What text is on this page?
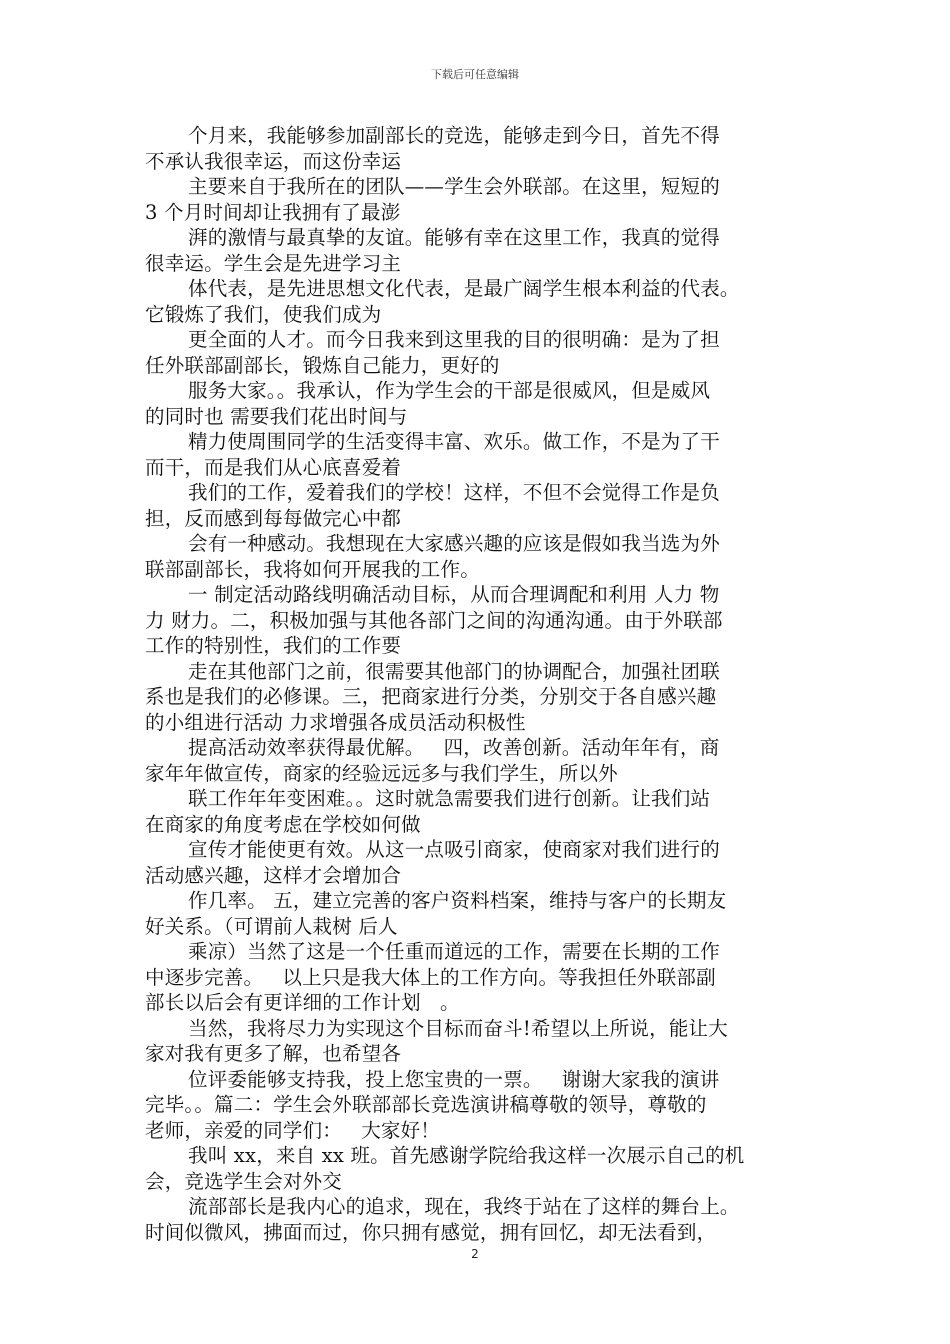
下载后可任意编辑
个月来，我能够参加副部长的竞选，能够走到今日，首先不得
不承认我很幸运，而这份幸运
主要来自于我所在的团队——学生会外联部。在这里，短短的
3 个月时间却让我拥有了最澎
湃的激情与最真挚的友谊。能够有幸在这里工作，我真的觉得
很幸运。学生会是先进学习主
体代表，是先进思想文化代表，是最广阔学生根本利益的代表。
它锻炼了我们，使我们成为
更全面的人才。而今日我来到这里我的目的很明确：是为了担
任外联部副部长，锻炼自己能力，更好的
服务大家。。我承认，作为学生会的干部是很威风，但是威风
的同时也 需要我们花出时间与
精力使周围同学的生活变得丰富、欢乐。做工作，不是为了干
而干，而是我们从心底喜爱着
我们的工作，爱着我们的学校！这样，不但不会觉得工作是负
担，反而感到每每做完心中都
会有一种感动。我想现在大家感兴趣的应该是假如我当选为外
联部副部长，我将如何开展我的工作。
一 制定活动路线明确活动目标，从而合理调配和利用 人力 物
力 财力。二，积极加强与其他各部门之间的沟通沟通。由于外联部
工作的特别性，我们的工作要
走在其他部门之前，很需要其他部门的协调配合，加强社团联
系也是我们的必修课。三，把商家进行分类，分别交于各自感兴趣
的小组进行活动 力求增强各成员活动积极性
提高活动效率获得最优解。   四，改善创新。活动年年有，商
家年年做宣传，商家的经验远远多与我们学生，所以外
联工作年年变困难。。这时就急需要我们进行创新。让我们站
在商家的角度考虑在学校如何做
宣传才能使更有效。从这一点吸引商家，使商家对我们进行的
活动感兴趣，这样才会增加合
作几率。 五，建立完善的客户资料档案，维持与客户的长期友
好关系。（可谓前人栽树 后人
乘凉）当然了这是一个任重而道远的工作，需要在长期的工作
中逐步完善。   以上只是我大体上的工作方向。等我担任外联部副
部长以后会有更详细的工作计划   。
当然，我将尽力为实现这个目标而奋斗!希望以上所说，能让大
家对我有更多了解，也希望各
位评委能够支持我，投上您宝贵的一票。   谢谢大家我的演讲
完毕。。篇二：学生会外联部部长竞选演讲稿尊敬的领导，尊敬的
老师，亲爱的同学们：   大家好！
我叫 xx，来自 xx 班。首先感谢学院给我这样一次展示自己的机
会，竞选学生会对外交
流部部长是我内心的追求，现在，我终于站在了这样的舞台上。
时间似微风，拂面而过，你只拥有感觉，拥有回忆，却无法看到，
2
